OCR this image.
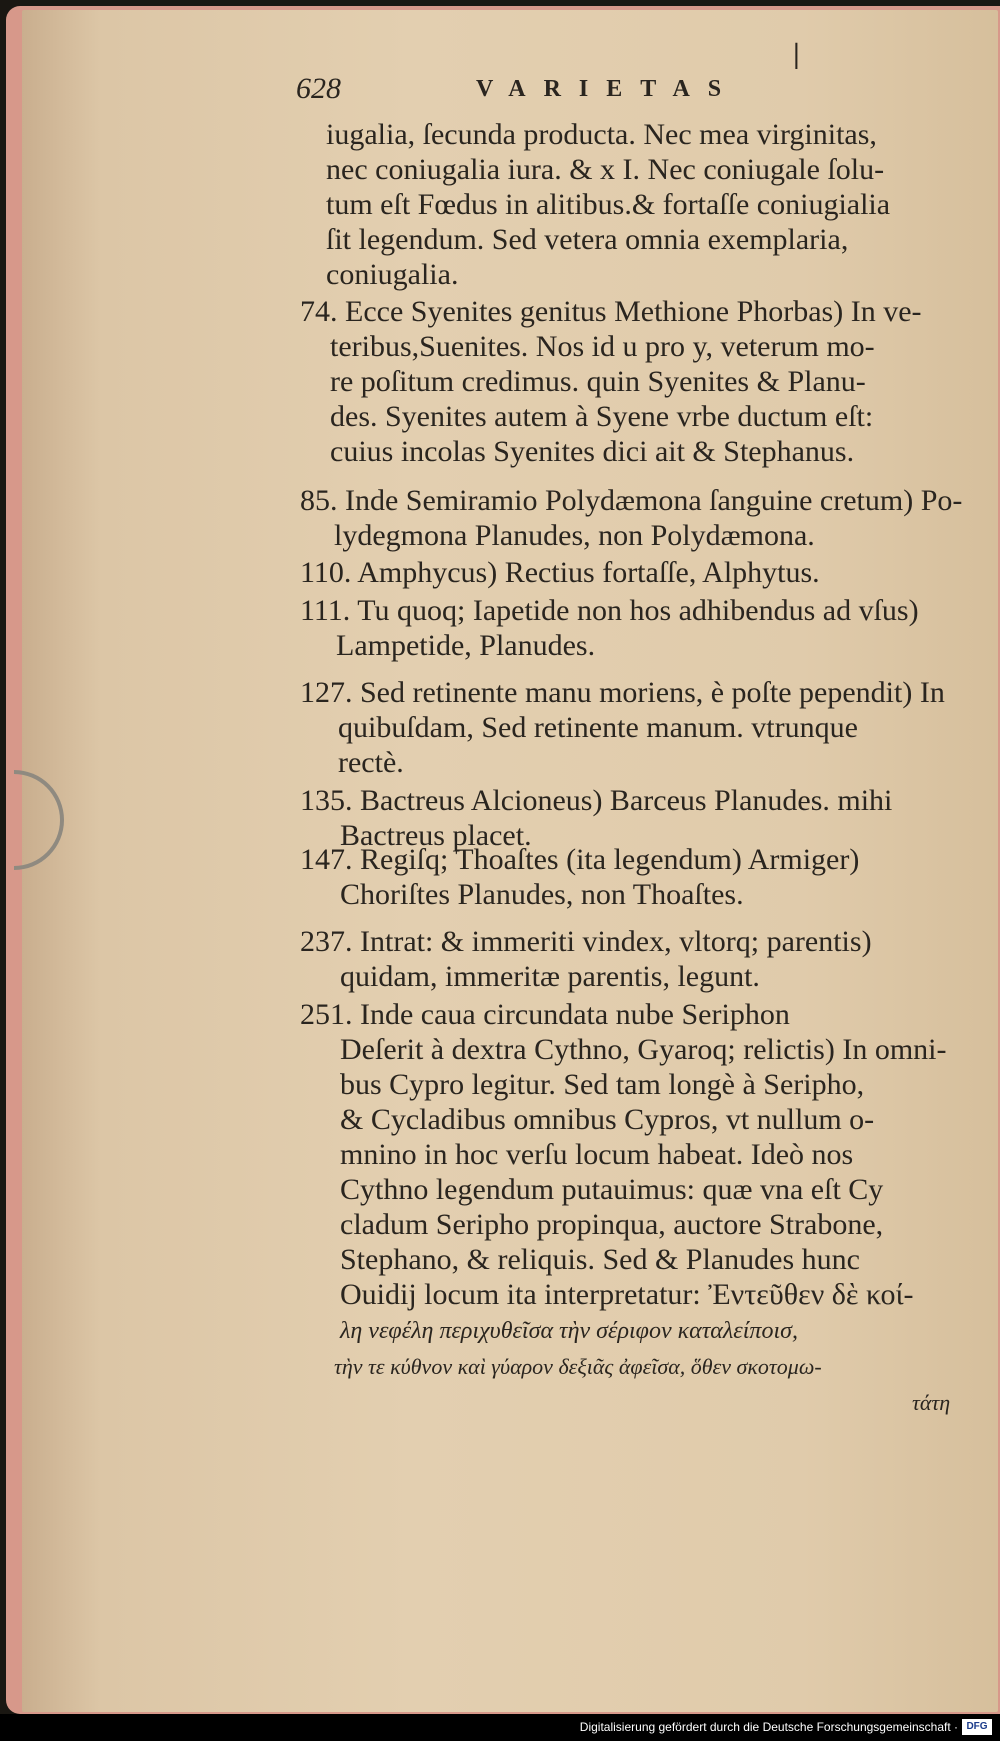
628	VARIETAS
|
iugalia, ſecunda producta. Nec mea virginitas,
nec coniugalia iura. & x I. Nec coniugale ſolu-
tum eſt Fœdus in alitibus.& fortaſſe coniugialia
ſit legendum. Sed vetera omnia exemplaria,
coniugalia.
74. Ecce Syenites genitus Methione Phorbas) In ve-
teribus,Suenites. Nos id u pro y, veterum mo-
re poſitum credimus. quin Syenites & Planu-
des. Syenites autem à Syene vrbe ductum eſt:
cuius incolas Syenites dici ait & Stephanus.
85. Inde Semiramio Polydæmona ſanguine cretum) Po-
lydegmona Planudes, non Polydæmona.
110. Amphycus) Rectius fortaſſe, Alphytus.
111. Tu quoq; Iapetide non hos adhibendus ad vſus)
Lampetide, Planudes.
127. Sed retinente manu moriens, è poſte pependit) In
quibuſdam, Sed retinente manum. vtrunque
rectè.
135. Bactreus Alcioneus) Barceus Planudes. mihi
Bactreus placet.
147. Regiſq; Thoaſtes (ita legendum) Armiger)
Choriſtes Planudes, non Thoaſtes.
237. Intrat: & immeriti vindex, vltorq; parentis)
quidam, immeritæ parentis, legunt.
251. Inde caua circundata nube Seriphon
Deſerit à dextra Cythno, Gyaroq; relictis) In omni-
bus Cypro legitur. Sed tam longè à Seripho,
& Cycladibus omnibus Cypros, vt nullum o-
mnino in hoc verſu locum habeat. Ideò nos
Cythno legendum putauimus: quæ vna eſt Cy
cladum Seripho propinqua, auctore Strabone,
Stephano, & reliquis. Sed & Planudes hunc
Ouidij locum ita interpretatur: Ἐντεῦθεν δὲ κοί-
λη νεφέλη περιχυθεῖσα τὴν σέριφον καταλείποισ,
τὴν τε κύθνον καὶ γύαρον δεξιᾶς ἀφεῖσα, ὅθεν σκοτομω-
τάτη
Digitalisierung gefördert durch die Deutsche Forschungsgemeinschaft · DFG
